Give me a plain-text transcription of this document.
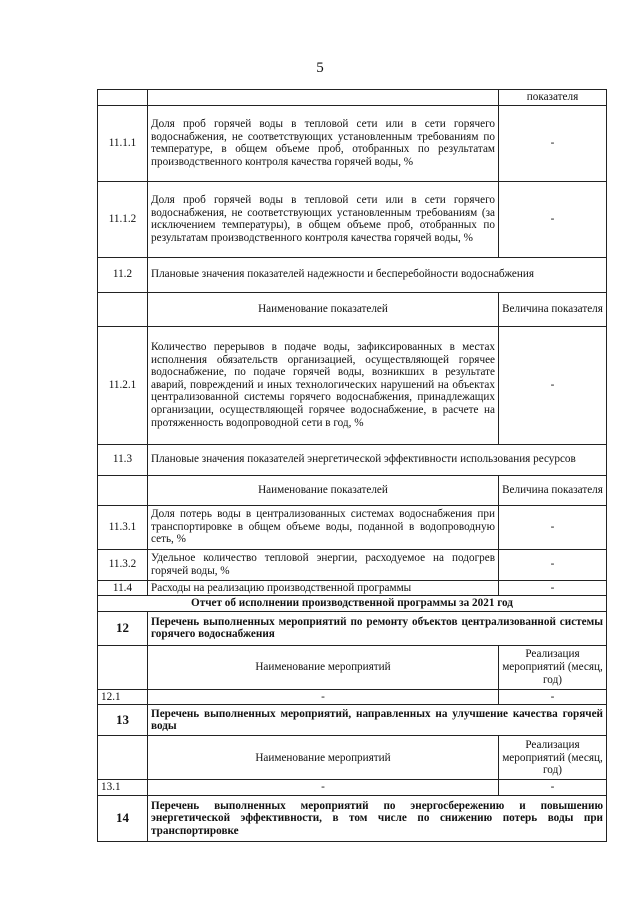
5
		показателя
11.1.1	Доля проб горячей воды в тепловой сети или в сети горячего водоснабжения, не соответствующих установленным требованиям по температуре, в общем объеме проб, отобранных по результатам производственного контроля качества горячей воды, %	-
11.1.2	Доля проб горячей воды в тепловой сети или в сети горячего водоснабжения, не соответствующих установленным требованиям (за исключением температуры), в общем объеме проб, отобранных по результатам производственного контроля качества горячей воды, %	-
11.2	Плановые значения показателей надежности и бесперебойности водоснабжения	
	Наименование показателей	Величина показателя
11.2.1	Количество перерывов в подаче воды, зафиксированных в местах исполнения обязательств организацией, осуществляющей горячее водоснабжение, по подаче горячей воды, возникших в результате аварий, повреждений и иных технологических нарушений на объектах централизованной системы горячего водоснабжения, принадлежащих организации, осуществляющей горячее водоснабжение, в расчете на протяженность водопроводной сети в год, %	-
11.3	Плановые значения показателей энергетической эффективности использования ресурсов	
	Наименование показателей	Величина показателя
11.3.1	Доля потерь воды в централизованных системах водоснабжения при транспортировке в общем объеме воды, поданной в водопроводную сеть, %	-
11.3.2	Удельное количество тепловой энергии, расходуемое на подогрев горячей воды, %	-
11.4	Расходы на реализацию производственной программы	-
Отчет об исполнении производственной программы за 2021 год		
12	Перечень выполненных мероприятий по ремонту объектов централизованной системы горячего водоснабжения	
	Наименование мероприятий	Реализация мероприятий (месяц, год)
12.1	-	-
13	Перечень выполненных мероприятий, направленных на улучшение качества горячей воды	
	Наименование мероприятий	Реализация мероприятий (месяц, год)
13.1	-	-
14	Перечень выполненных мероприятий по энергосбережению и повышению энергетической эффективности, в том числе по снижению потерь воды при транспортировке	
